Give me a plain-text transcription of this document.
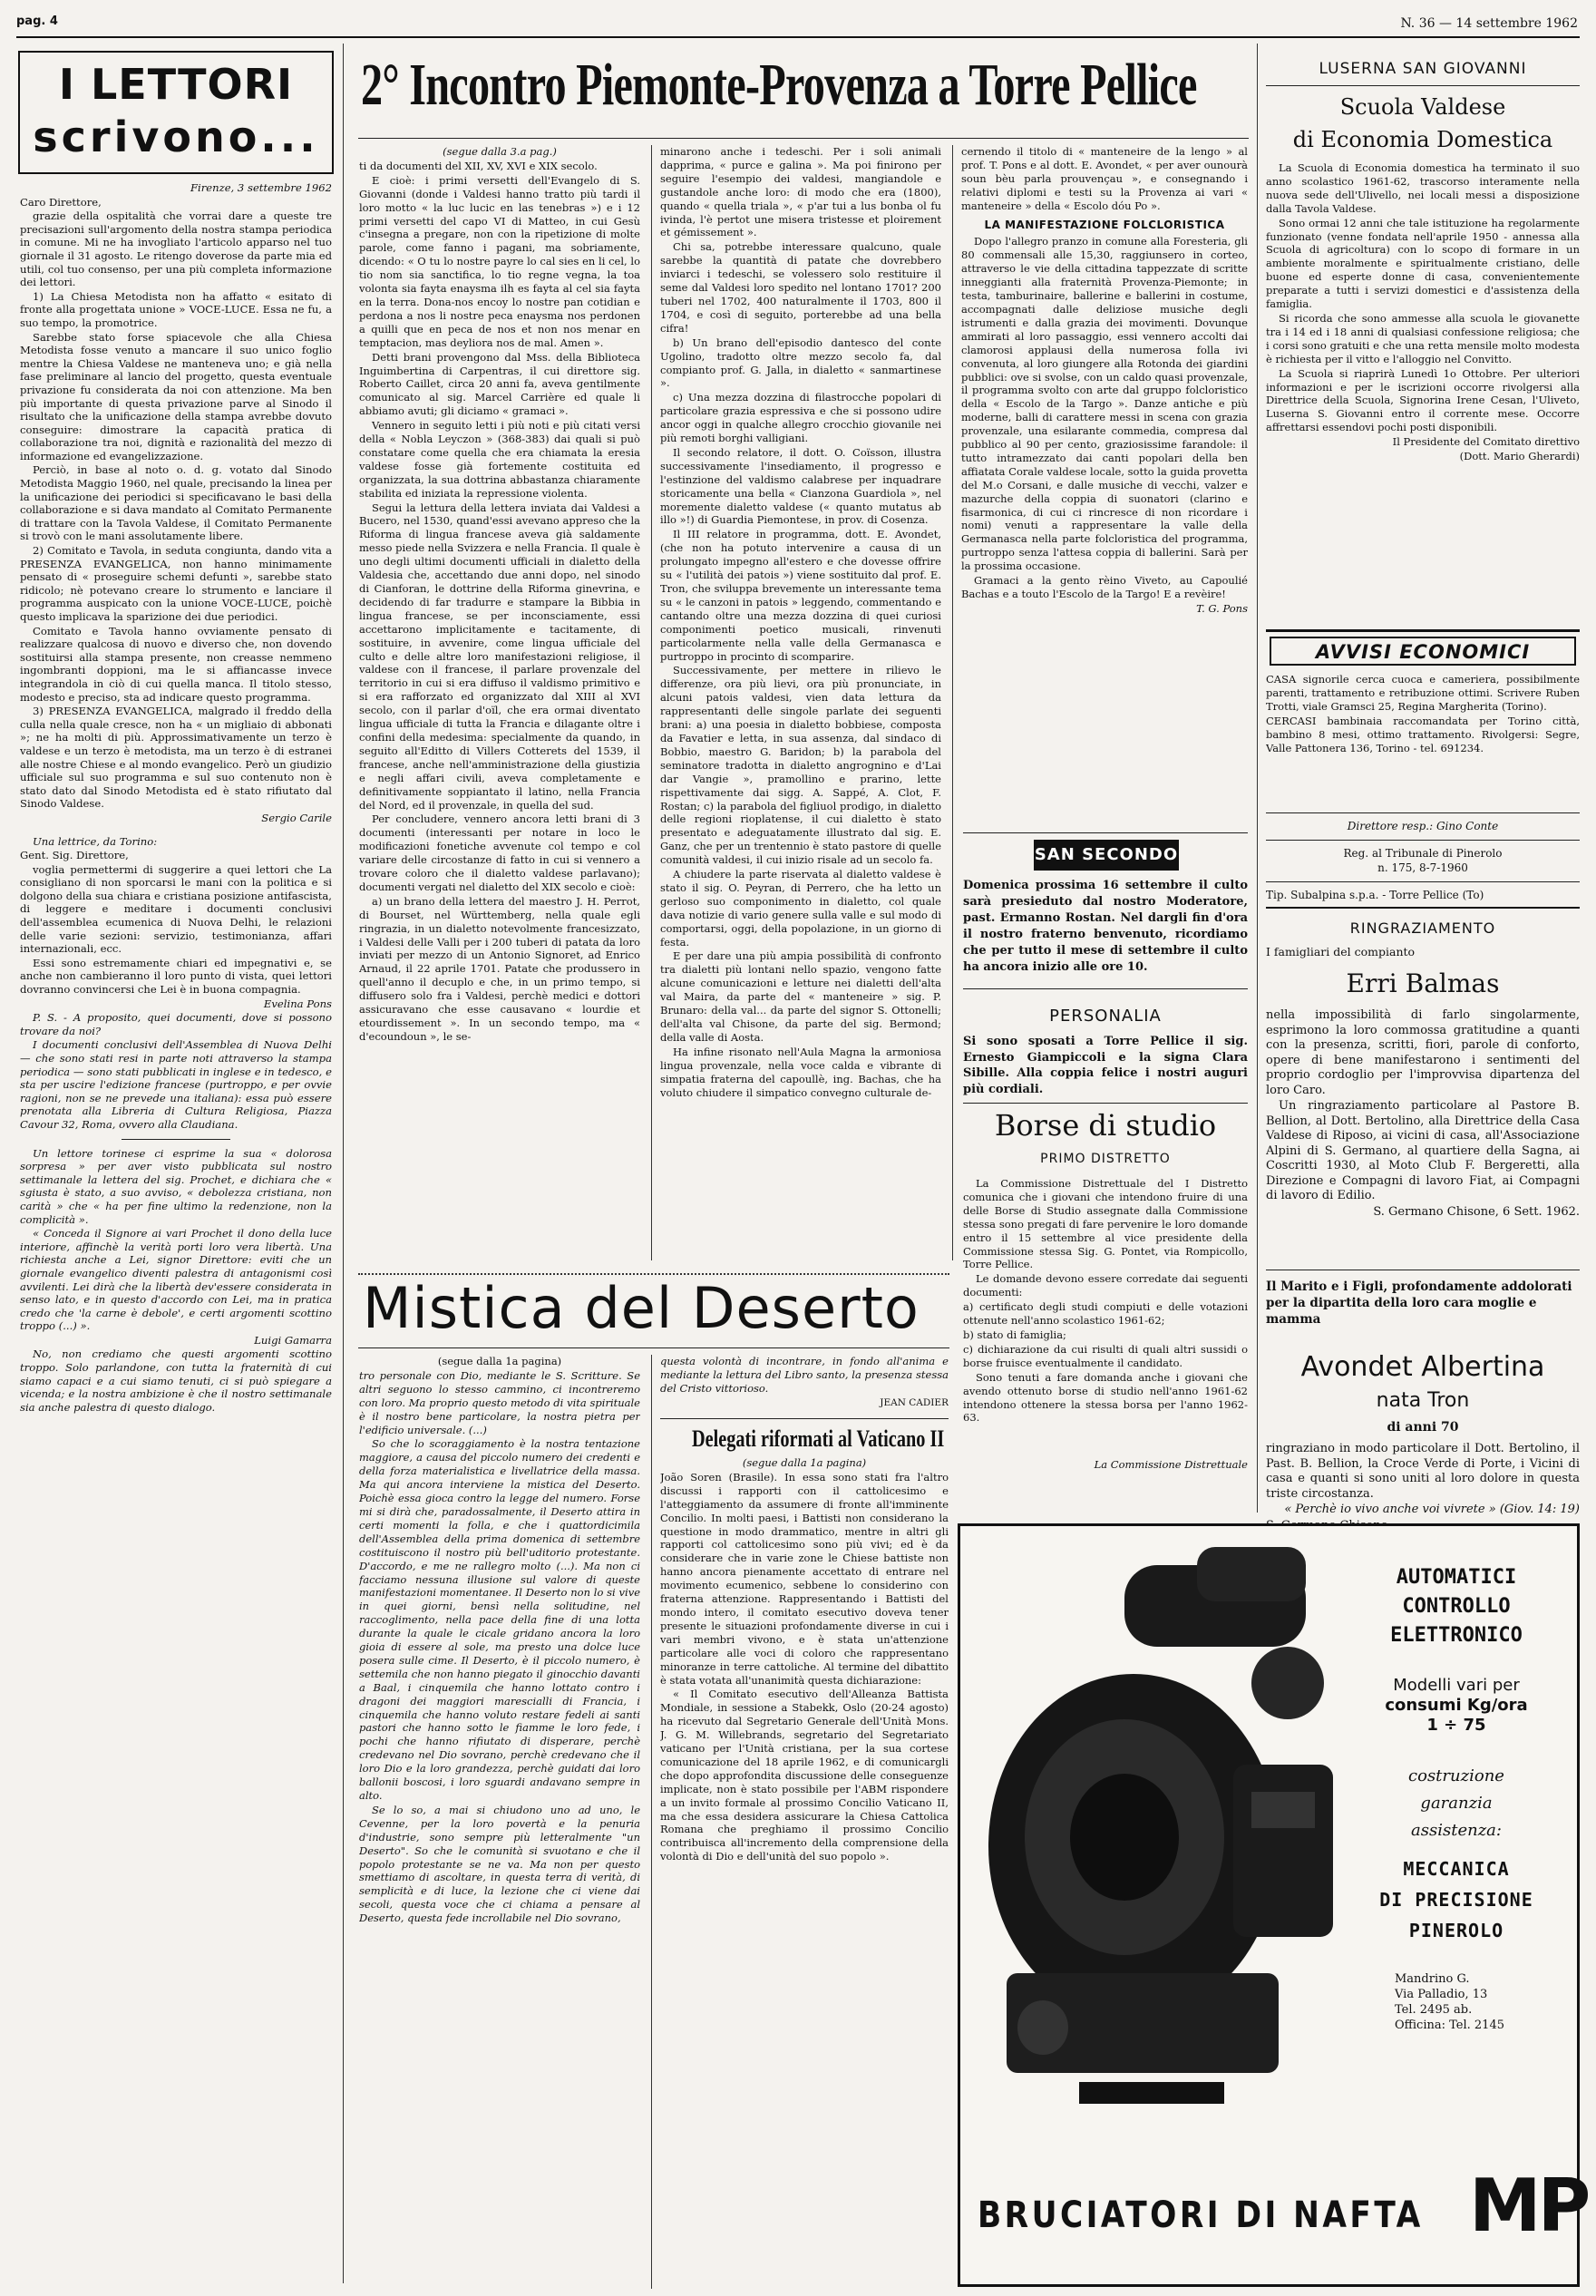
pag. 4	N. 36 — 14 settembre 1962
I LETTORI
scrivono...

Firenze, 3 settembre 1962

Caro Direttore,

grazie della ospitalità che vorrai dare a queste tre precisazioni sull'argomento della nostra stampa periodica in comune. Mi ne ha invogliato l'articolo apparso nel tuo giornale il 31 agosto. Le ritengo doverose da parte mia ed utili, col tuo consenso, per una più completa informazione dei lettori.

1) La Chiesa Metodista non ha affatto « esitato di fronte alla progettata unione » VOCE-LUCE. Essa ne fu, a suo tempo, la promotrice.

Sarebbe stato forse spiacevole che alla Chiesa Metodista fosse venuto a mancare il suo unico foglio mentre la Chiesa Valdese ne manteneva uno; e già nella fase preliminare al lancio del progetto, questa eventuale privazione fu considerata da noi con attenzione. Ma ben più importante di questa privazione parve al Sinodo il risultato che la unificazione della stampa avrebbe dovuto conseguire: dimostrare la capacità pratica di collaborazione tra noi, dignità e razionalità del mezzo di informazione ed evangelizzazione.

Perciò, in base al noto o. d. g. votato dal Sinodo Metodista Maggio 1960, nel quale, precisando la linea per la unificazione dei periodici si specificavano le basi della collaborazione e si dava mandato al Comitato Permanente di trattare con la Tavola Valdese, il Comitato Permanente si trovò con le mani assolutamente libere.

2) Comitato e Tavola, in seduta congiunta, dando vita a PRESENZA EVANGELICA, non hanno minimamente pensato di « proseguire schemi defunti », sarebbe stato ridicolo; nè potevano creare lo strumento e lanciare il programma auspicato con la unione VOCE-LUCE, poichè questo implicava la sparizione dei due periodici.

Comitato e Tavola hanno ovviamente pensato di realizzare qualcosa di nuovo e diverso che, non dovendo sostituirsi alla stampa presente, non creasse nemmeno ingombranti doppioni, ma le si affiancasse invece integrandola in ciò di cui quella manca. Il titolo stesso, modesto e preciso, sta ad indicare questo programma.

3) PRESENZA EVANGELICA, malgrado il freddo della culla nella quale cresce, non ha « un migliaio di abbonati »; ne ha molti di più. Approssimativamente un terzo è valdese e un terzo è metodista, ma un terzo è di estranei alle nostre Chiese e al mondo evangelico. Però un giudizio ufficiale sul suo programma e sul suo contenuto non è stato dato dal Sinodo Metodista ed è stato rifiutato dal Sinodo Valdese.

Sergio Carile

Una lettrice, da Torino:

Gent. Sig. Direttore,

voglia permettermi di suggerire a quei lettori che La consigliano di non sporcarsi le mani con la politica e si dolgono della sua chiara e cristiana posizione antifascista, di leggere e meditare i documenti conclusivi dell'assemblea ecumenica di Nuova Delhi, le relazioni delle varie sezioni: servizio, testimonianza, affari internazionali, ecc.

Essi sono estremamente chiari ed impegnativi e, se anche non cambieranno il loro punto di vista, quei lettori dovranno convincersi che Lei è in buona compagnia.

Evelina Pons

P. S. - A proposito, quei documenti, dove si possono trovare da noi?

I documenti conclusivi dell'Assemblea di Nuova Delhi — che sono stati resi in parte noti attraverso la stampa periodica — sono stati pubblicati in inglese e in tedesco, e sta per uscire l'edizione francese (purtroppo, e per ovvie ragioni, non se ne prevede una italiana): essa può essere prenotata alla Libreria di Cultura Religiosa, Piazza Cavour 32, Roma, ovvero alla Claudiana.

Un lettore torinese ci esprime la sua « dolorosa sorpresa » per aver visto pubblicata sul nostro settimanale la lettera del sig. Prochet, e dichiara che « sgiusta è stato, a suo avviso, « debolezza cristiana, non carità » che « ha per fine ultimo la redenzione, non la complicità ».

« Conceda il Signore ai vari Prochet il dono della luce interiore, affinchè la verità porti loro vera libertà. Una richiesta anche a Lei, signor Direttore: eviti che un giornale evangelico diventi palestra di antagonismi così avvilenti. Lei dirà che la libertà dev'essere considerata in senso lato, e in questo d'accordo con Lei, ma in pratica credo che 'la carne è debole', e certi argomenti scottino troppo (...) ».

Luigi Gamarra

No, non crediamo che questi argomenti scottino troppo. Solo parlandone, con tutta la fraternità di cui siamo capaci e a cui siamo tenuti, ci si può spiegare a vicenda; e la nostra ambizione è che il nostro settimanale sia anche palestra di questo dialogo.

2° Incontro Piemonte-Provenza a Torre Pellice

(segue dalla 3.a pag.)

ti da documenti del XII, XV, XVI e XIX secolo.

E cioè: i primi versetti dell'Evangelo di S. Giovanni (donde i Valdesi hanno tratto più tardi il loro motto « la luc lucic en las tenebras ») e i 12 primi versetti del capo VI di Matteo, in cui Gesù c'insegna a pregare, non con la ripetizione di molte parole, come fanno i pagani, ma sobriamente, dicendo: « O tu lo nostre payre lo cal sies en li cel, lo tio nom sia sanctifica, lo tio regne vegna, la toa volonta sia fayta enaysma ilh es fayta al cel sia fayta en la terra. Dona-nos encoy lo nostre pan cotidian e perdona a nos li nostre peca enaysma nos perdonen a quilli que en peca de nos et non nos menar en temptacion, mas deyliora nos de mal. Amen ».

Detti brani provengono dal Mss. della Biblioteca Inguimbertina di Carpentras, il cui direttore sig. Roberto Caillet, circa 20 anni fa, aveva gentilmente comunicato al sig. Marcel Carrière ed quale li abbiamo avuti; gli diciamo « gramaci ».

Vennero in seguito letti i più noti e più citati versi della « Nobla Leyczon » (368-383) dai quali si può constatare come quella che era chiamata la eresia valdese fosse già fortemente costituita ed organizzata, la sua dottrina abbastanza chiaramente stabilita ed iniziata la repressione violenta.

Segui la lettura della lettera inviata dai Valdesi a Bucero, nel 1530, quand'essi avevano appreso che la Riforma di lingua francese aveva già saldamente messo piede nella Svizzera e nella Francia. Il quale è uno degli ultimi documenti ufficiali in dialetto della Valdesia che, accettando due anni dopo, nel sinodo di Cianforan, le dottrine della Riforma ginevrina, e decidendo di far tradurre e stampare la Bibbia in lingua francese, se per inconsciamente, essi accettarono implicitamente e tacitamente, di sostituire, in avvenire, come lingua ufficiale del culto e delle altre loro manifestazioni religiose, il valdese con il francese, il parlare provenzale del territorio in cui si era diffuso il valdismo primitivo e si era rafforzato ed organizzato dal XIII al XVI secolo, con il parlar d'oïl, che era ormai diventato lingua ufficiale di tutta la Francia e dilagante oltre i confini della medesima: specialmente da quando, in seguito all'Editto di Villers Cotterets del 1539, il francese, anche nell'amministrazione della giustizia e negli affari civili, aveva completamente e definitivamente soppiantato il latino, nella Francia del Nord, ed il provenzale, in quella del sud.

Per concludere, vennero ancora letti brani di 3 documenti (interessanti per notare in loco le modificazioni fonetiche avvenute col tempo e col variare delle circostanze di fatto in cui si vennero a trovare coloro che il dialetto valdese parlavano); documenti vergati nel dialetto del XIX secolo e cioè:

a) un brano della lettera del maestro J. H. Perrot, di Bourset, nel Württemberg, nella quale egli ringrazia, in un dialetto notevolmente francesizzato, i Valdesi delle Valli per i 200 tuberi di patata da loro inviati per mezzo di un Antonio Signoret, ad Enrico Arnaud, il 22 aprile 1701. Patate che produssero in quell'anno il decuplo e che, in un primo tempo, si diffusero solo fra i Valdesi, perchè medici e dottori assicuravano che esse causavano « lourdie et etourdissement ». In un secondo tempo, ma « d'ecoundoun », le se-

minarono anche i tedeschi. Per i soli animali dapprima, « purce e galina ». Ma poi finirono per seguire l'esempio dei valdesi, mangiandole e gustandole anche loro: di modo che era (1800), quando « quella triala », « p'ar tui a lus bonba ol fu ivinda, l'è pertot une misera tristesse et ploirement et gémissement ».

Chi sa, potrebbe interessare qualcuno, quale sarebbe la quantità di patate che dovrebbero inviarci i tedeschi, se volessero solo restituire il seme dal Valdesi loro spedito nel lontano 1701? 200 tuberi nel 1702, 400 naturalmente il 1703, 800 il 1704, e così di seguito, porterebbe ad una bella cifra!

b) Un brano dell'episodio dantesco del conte Ugolino, tradotto oltre mezzo secolo fa, dal compianto prof. G. Jalla, in dialetto « sanmartinese ».

c) Una mezza dozzina di filastrocche popolari di particolare grazia espressiva e che si possono udire ancor oggi in qualche allegro crocchio giovanile nei più remoti borghi valligiani.

Il secondo relatore, il dott. O. Coïsson, illustra successivamente l'insediamento, il progresso e l'estinzione del valdismo calabrese per inquadrare storicamente una bella « Cianzona Guardiola », nel moremente dialetto valdese (« quanto mutatus ab illo »!) di Guardia Piemontese, in prov. di Cosenza.

Il III relatore in programma, dott. E. Avondet, (che non ha potuto intervenire a causa di un prolungato impegno all'estero e che dovesse offrire su « l'utilità dei patois ») viene sostituito dal prof. E. Tron, che sviluppa brevemente un interessante tema su « le canzoni in patois » leggendo, commentando e cantando oltre una mezza dozzina di quei curiosi componimenti poetico musicali, rinvenuti particolarmente nella valle della Germanasca e purtroppo in procinto di scomparire.

Successivamente, per mettere in rilievo le differenze, ora più lievi, ora più pronunciate, in alcuni patois valdesi, vien data lettura da rappresentanti delle singole parlate dei seguenti brani: a) una poesia in dialetto bobbiese, composta da Favatier e letta, in sua assenza, dal sindaco di Bobbio, maestro G. Baridon; b) la parabola del seminatore tradotta in dialetto angrognino e d'Lai dar Vangie », pramollino e prarino, lette rispettivamente dai sigg. A. Sappé, A. Clot, F. Rostan; c) la parabola del figliuol prodigo, in dialetto delle regioni rioplatense, il cui dialetto è stato presentato e adeguatamente illustrato dal sig. E. Ganz, che per un trentennio è stato pastore di quelle comunità valdesi, il cui inizio risale ad un secolo fa.

A chiudere la parte riservata al dialetto valdese è stato il sig. O. Peyran, di Perrero, che ha letto un gerloso suo componimento in dialetto, col quale dava notizie di vario genere sulla valle e sul modo di comportarsi, oggi, della popolazione, in un giorno di festa.

E per dare una più ampia possibilità di confronto tra dialetti più lontani nello spazio, vengono fatte alcune comunicazioni e letture nei dialetti dell'alta val Maira, da parte del « manteneire » sig. P. Brunaro: della val... da parte del signor S. Ottonelli; dell'alta val Chisone, da parte del sig. Bermond; della valle di Aosta.

Ha infine risonato nell'Aula Magna la armoniosa lingua provenzale, nella voce calda e vibrante di simpatia fraterna del capoullè, ing. Bachas, che ha voluto chiudere il simpatico convegno culturale de-

cernendo il titolo di « manteneire de la lengo » al prof. T. Pons e al dott. E. Avondet, « per aver ounourà soun bèu parla prouvençau », e consegnando i relativi diplomi e testi su la Provenza ai vari « manteneire » della « Escolo dóu Po ».

LA MANIFESTAZIONE FOLCLORISTICA

Dopo l'allegro pranzo in comune alla Foresteria, gli 80 commensali alle 15,30, raggiunsero in corteo, attraverso le vie della cittadina tappezzate di scritte inneggianti alla fraternità Provenza-Piemonte; in testa, tamburinaire, ballerine e ballerini in costume, accompagnati dalle deliziose musiche degli istrumenti e dalla grazia dei movimenti. Dovunque ammirati al loro passaggio, essi vennero accolti dai clamorosi applausi della numerosa folla ivi convenuta, al loro giungere alla Rotonda dei giardini pubblici: ove si svolse, con un caldo quasi provenzale, il programma svolto con arte dal gruppo folcloristico della « Escolo de la Targo ». Danze antiche e più moderne, balli di carattere messi in scena con grazia provenzale, una esilarante commedia, compresa dal pubblico al 90 per cento, graziosissime farandole: il tutto intramezzato dai canti popolari della ben affiatata Corale valdese locale, sotto la guida provetta del M.o Corsani, e dalle musiche di vecchi, valzer e mazurche della coppia di suonatori (clarino e fisarmonica, di cui ci rincresce di non ricordare i nomi) venuti a rappresentare la valle della Germanasca nella parte folcloristica del programma, purtroppo senza l'attesa coppia di ballerini. Sarà per la prossima occasione.

Gramaci a la gento rèino Viveto, au Capoulié Bachas e a touto l'Escolo de la Targo! E a revèire!

T. G. Pons

SAN SECONDO
Domenica prossima 16 settembre il culto sarà presieduto dal nostro Moderatore, past. Ermanno Rostan. Nel dargli fin d'ora il nostro fraterno benvenuto, ricordiamo che per tutto il mese di settembre il culto ha ancora inizio alle ore 10.
PERSONALIA
Si sono sposati a Torre Pellice il sig. Ernesto Giampiccoli e la signa Clara Sibille. Alla coppia felice i nostri auguri più cordiali.
Borse di studio
PRIMO DISTRETTO

La Commissione Distrettuale del I Distretto comunica che i giovani che intendono fruire di una delle Borse di Studio assegnate dalla Commissione stessa sono pregati di fare pervenire le loro domande entro il 15 settembre al vice presidente della Commissione stessa Sig. G. Pontet, via Rompicollo, Torre Pellice.

Le domande devono essere corredate dai seguenti documenti:

a) certificato degli studi compiuti e delle votazioni ottenute nell'anno scolastico 1961-62;

b) stato di famiglia;

c) dichiarazione da cui risulti di quali altri sussidi o borse fruisce eventualmente il candidato.

Sono tenuti a fare domanda anche i giovani che avendo ottenuto borse di studio nell'anno 1961-62 intendono ottenere la stessa borsa per l'anno 1962-63.

La Commissione Distrettuale
Mistica del Deserto

(segue dalla 1a pagina)

tro personale con Dio, mediante le S. Scritture. Se altri seguono lo stesso cammino, ci incontreremo con loro. Ma proprio questo metodo di vita spirituale è il nostro bene particolare, la nostra pietra per l'edificio universale. (...)

So che lo scoraggiamento è la nostra tentazione maggiore, a causa del piccolo numero dei credenti e della forza materialistica e livellatrice della massa. Ma qui ancora interviene la mistica del Deserto. Poichè essa gioca contro la legge del numero. Forse mi si dirà che, paradossalmente, il Deserto attira in certi momenti la folla, e che i quattordicimila dell'Assemblea della prima domenica di settembre costituiscono il nostro più bell'uditorio protestante. D'accordo, e me ne rallegro molto (...). Ma non ci facciamo nessuna illusione sul valore di queste manifestazioni momentanee. Il Deserto non lo si vive in quei giorni, bensì nella solitudine, nel raccoglimento, nella pace della fine di una lotta durante la quale le cicale gridano ancora la loro gioia di essere al sole, ma presto una dolce luce posera sulle cime. Il Deserto, è il piccolo numero, è settemila che non hanno piegato il ginocchio davanti a Baal, i cinquemila che hanno lottato contro i dragoni dei maggiori marescialli di Francia, i cinquemila che hanno voluto restare fedeli ai santi pastori che hanno sotto le fiamme le loro fede, i pochi che hanno rifiutato di disperare, perchè credevano nel Dio sovrano, perchè credevano che il loro Dio e la loro grandezza, perchè guidati dai loro ballonii boscosi, i loro sguardi andavano sempre in alto.

Se lo so, a mai si chiudono uno ad uno, le Cevenne, per la loro povertà e la penuria d'industrie, sono sempre più letteralmente "un Deserto". So che le comunità si svuotano e che il popolo protestante se ne va. Ma non per questo smettiamo di ascoltare, in questa terra di verità, di semplicità e di luce, la lezione che ci viene dai secoli, questa voce che ci chiama a pensare al Deserto, questa fede incrollabile nel Dio sovrano,

questa volontà di incontrare, in fondo all'anima e mediante la lettura del Libro santo, la presenza stessa del Cristo vittorioso.

JEAN CADIER

Delegati riformati al Vaticano II

(segue dalla 1a pagina)

João Soren (Brasile). In essa sono stati fra l'altro discussi i rapporti con il cattolicesimo e l'atteggiamento da assumere di fronte all'imminente Concilio. In molti paesi, i Battisti non considerano la questione in modo drammatico, mentre in altri gli rapporti col cattolicesimo sono più vivi; ed è da considerare che in varie zone le Chiese battiste non hanno ancora pienamente accettato di entrare nel movimento ecumenico, sebbene lo considerino con fraterna attenzione. Rappresentando i Battisti del mondo intero, il comitato esecutivo doveva tener presente le situazioni profondamente diverse in cui i vari membri vivono, e è stata un'attenzione particolare alle voci di coloro che rappresentano minoranze in terre cattoliche. Al termine del dibattito è stata votata all'unanimità questa dichiarazione:

« Il Comitato esecutivo dell'Alleanza Battista Mondiale, in sessione a Stabekk, Oslo (20-24 agosto) ha ricevuto dal Segretario Generale dell'Unità Mons. J. G. M. Willebrands, segretario del Segretariato vaticano per l'Unità cristiana, per la sua cortese comunicazione del 18 aprile 1962, e di comunicargli che dopo approfondita discussione delle conseguenze implicate, non è stato possibile per l'ABM rispondere a un invito formale al prossimo Concilio Vaticano II, ma che essa desidera assicurare la Chiesa Cattolica Romana che preghiamo il prossimo Concilio contribuisca all'incremento della comprensione della volontà di Dio e dell'unità del suo popolo ».

LUSERNA SAN GIOVANNI
Scuola Valdese
di Economia Domestica

La Scuola di Economia domestica ha terminato il suo anno scolastico 1961-62, trascorso interamente nella nuova sede dell'Ulivello, nei locali messi a disposizione dalla Tavola Valdese.

Sono ormai 12 anni che tale istituzione ha regolarmente funzionato (venne fondata nell'aprile 1950 - annessa alla Scuola di agricoltura) con lo scopo di formare in un ambiente moralmente e spiritualmente cristiano, delle buone ed esperte donne di casa, convenientemente preparate a tutti i servizi domestici e d'assistenza della famiglia.

Si ricorda che sono ammesse alla scuola le giovanette tra i 14 ed i 18 anni di qualsiasi confessione religiosa; che i corsi sono gratuiti e che una retta mensile molto modesta è richiesta per il vitto e l'alloggio nel Convitto.

La Scuola si riaprirà Lunedì 1o Ottobre. Per ulteriori informazioni e per le iscrizioni occorre rivolgersi alla Direttrice della Scuola, Signorina Irene Cesan, l'Uliveto, Luserna S. Giovanni entro il corrente mese. Occorre affrettarsi essendovi pochi posti disponibili.

Il Presidente del Comitato direttivo

(Dott. Mario Gherardi)

AVVISI ECONOMICI

CASA signorile cerca cuoca e cameriera, possibilmente parenti, trattamento e retribuzione ottimi. Scrivere Ruben Trotti, viale Gramsci 25, Regina Margherita (Torino).

CERCASI bambinaia raccomandata per Torino città, bambino 8 mesi, ottimo trattamento. Rivolgersi: Segre, Valle Pattonera 136, Torino - tel. 691234.

Direttore resp.: Gino Conte
Reg. al Tribunale di Pinerolo
n. 175, 8-7-1960
Tip. Subalpina s.p.a. - Torre Pellice (To)
RINGRAZIAMENTO
I famigliari del compianto
Erri Balmas

nella impossibilità di farlo singolarmente, esprimono la loro commossa gratitudine a quanti con la presenza, scritti, fiori, parole di conforto, opere di bene manifestarono i sentimenti del proprio cordoglio per l'improvvisa dipartenza del loro Caro.

Un ringraziamento particolare al Pastore B. Bellion, al Dott. Bertolino, alla Direttrice della Casa Valdese di Riposo, ai vicini di casa, all'Associazione Alpini di S. Germano, al quartiere della Sagna, ai Coscritti 1930, al Moto Club F. Bergeretti, alla Direzione e Compagni di lavoro Fiat, ai Compagni di lavoro di Edilio.

S. Germano Chisone, 6 Sett. 1962.

Il Marito e i Figli, profondamente addolorati per la dipartita della loro cara moglie e mamma
Avondet Albertina
nata Tron
di anni 70

ringraziano in modo particolare il Dott. Bertolino, il Past. B. Bellion, la Croce Verde di Porte, i Vicini di casa e quanti si sono uniti al loro dolore in questa triste circostanza.

« Perchè io vivo anche voi vivrete » (Giov. 14: 19)

AUTOMATICI
CONTROLLO
ELETTRONICO
Modelli vari per
consumi Kg/ora
1 ÷ 75
costruzione
garanzia
assistenza:
MECCANICA
DI PRECISIONE
PINEROLO
Mandrino G.
Via Palladio, 13
Tel. 2495 ab.
Officina: Tel. 2145
BRUCIATORI DI NAFTA MP
